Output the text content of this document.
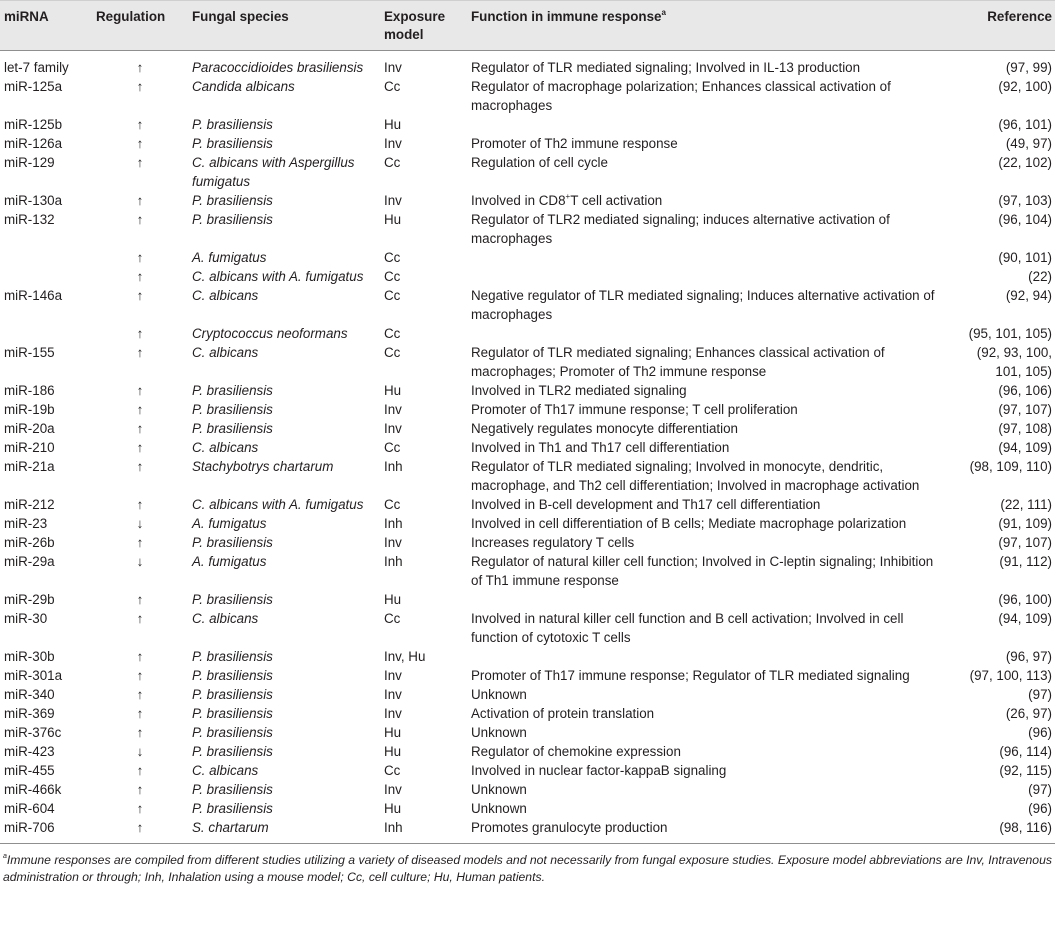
miRNA	Regulation	Fungal species	Exposure model	Function in immune response$^a$	Reference
let-7 family	↑	Paracoccidioides brasiliensis	Inv	Regulator of TLR mediated signaling; Involved in IL-13 production	(97, 99)
miR-125a	↑	Candida albicans	Cc	Regulator of macrophage polarization; Enhances classical activation of macrophages	(92, 100)
miR-125b	↑	P. brasiliensis	Hu		(96, 101)
miR-126a	↑	P. brasiliensis	Inv	Promoter of Th2 immune response	(49, 97)
miR-129	↑	C. albicans with Aspergillus fumigatus	Cc	Regulation of cell cycle	(22, 102)
miR-130a	↑	P. brasiliensis	Inv	Involved in CD8+T cell activation	(97, 103)
miR-132	↑	P. brasiliensis	Hu	Regulator of TLR2 mediated signaling; induces alternative activation of macrophages	(96, 104)
	↑	A. fumigatus	Cc		(90, 101)
	↑	C. albicans with A. fumigatus	Cc		(22)
miR-146a	↑	C. albicans	Cc	Negative regulator of TLR mediated signaling; Induces alternative activation of macrophages	(92, 94)
	↑	Cryptococcus neoformans	Cc		(95, 101, 105)
miR-155	↑	C. albicans	Cc	Regulator of TLR mediated signaling; Enhances classical activation of macrophages; Promoter of Th2 immune response	(92, 93, 100, 101, 105)
miR-186	↑	P. brasiliensis	Hu	Involved in TLR2 mediated signaling	(96, 106)
miR-19b	↑	P. brasiliensis	Inv	Promoter of Th17 immune response; T cell proliferation	(97, 107)
miR-20a	↑	P. brasiliensis	Inv	Negatively regulates monocyte differentiation	(97, 108)
miR-210	↑	C. albicans	Cc	Involved in Th1 and Th17 cell differentiation	(94, 109)
miR-21a	↑	Stachybotrys chartarum	Inh	Regulator of TLR mediated signaling; Involved in monocyte, dendritic, macrophage, and Th2 cell differentiation; Involved in macrophage activation	(98, 109, 110)
miR-212	↑	C. albicans with A. fumigatus	Cc	Involved in B-cell development and Th17 cell differentiation	(22, 111)
miR-23	↓	A. fumigatus	Inh	Involved in cell differentiation of B cells; Mediate macrophage polarization	(91, 109)
miR-26b	↑	P. brasiliensis	Inv	Increases regulatory T cells	(97, 107)
miR-29a	↓	A. fumigatus	Inh	Regulator of natural killer cell function; Involved in C-leptin signaling; Inhibition of Th1 immune response	(91, 112)
miR-29b	↑	P. brasiliensis	Hu		(96, 100)
miR-30	↑	C. albicans	Cc	Involved in natural killer cell function and B cell activation; Involved in cell function of cytotoxic T cells	(94, 109)
miR-30b	↑	P. brasiliensis	Inv, Hu		(96, 97)
miR-301a	↑	P. brasiliensis	Inv	Promoter of Th17 immune response; Regulator of TLR mediated signaling	(97, 100, 113)
miR-340	↑	P. brasiliensis	Inv	Unknown	(97)
miR-369	↑	P. brasiliensis	Inv	Activation of protein translation	(26, 97)
miR-376c	↑	P. brasiliensis	Hu	Unknown	(96)
miR-423	↓	P. brasiliensis	Hu	Regulator of chemokine expression	(96, 114)
miR-455	↑	C. albicans	Cc	Involved in nuclear factor-kappaB signaling	(92, 115)
miR-466k	↑	P. brasiliensis	Inv	Unknown	(97)
miR-604	↑	P. brasiliensis	Hu	Unknown	(96)
miR-706	↑	S. chartarum	Inh	Promotes granulocyte production	(98, 116)
$^a$Immune responses are compiled from different studies utilizing a variety of diseased models and not necessarily from fungal exposure studies. Exposure model abbreviations are Inv, Intravenous administration or through; Inh, Inhalation using a mouse model; Cc, cell culture; Hu, Human patients.
